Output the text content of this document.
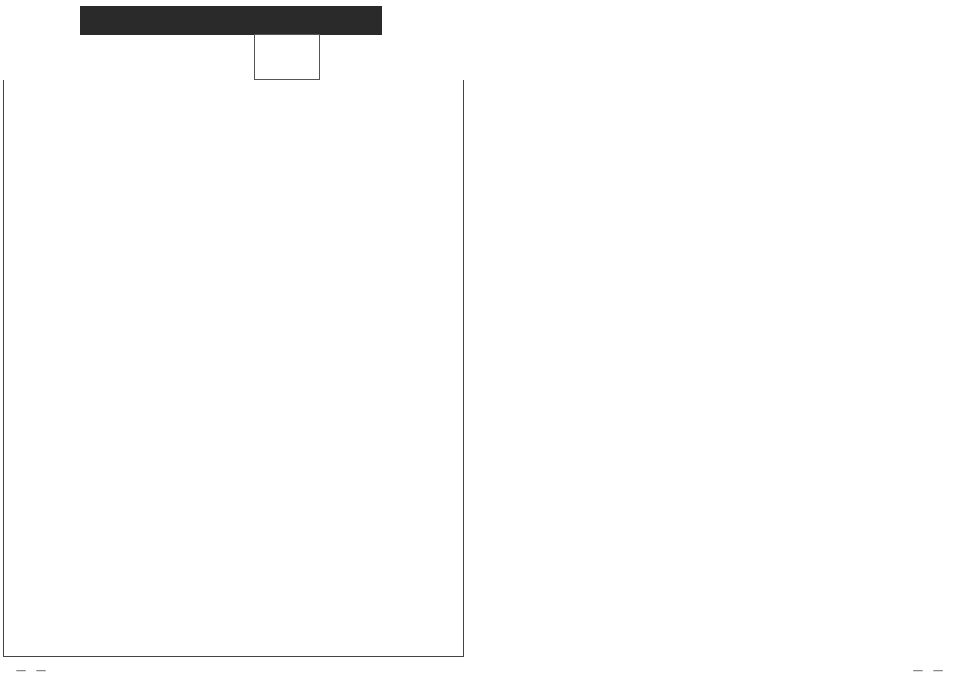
—    —	—    —
